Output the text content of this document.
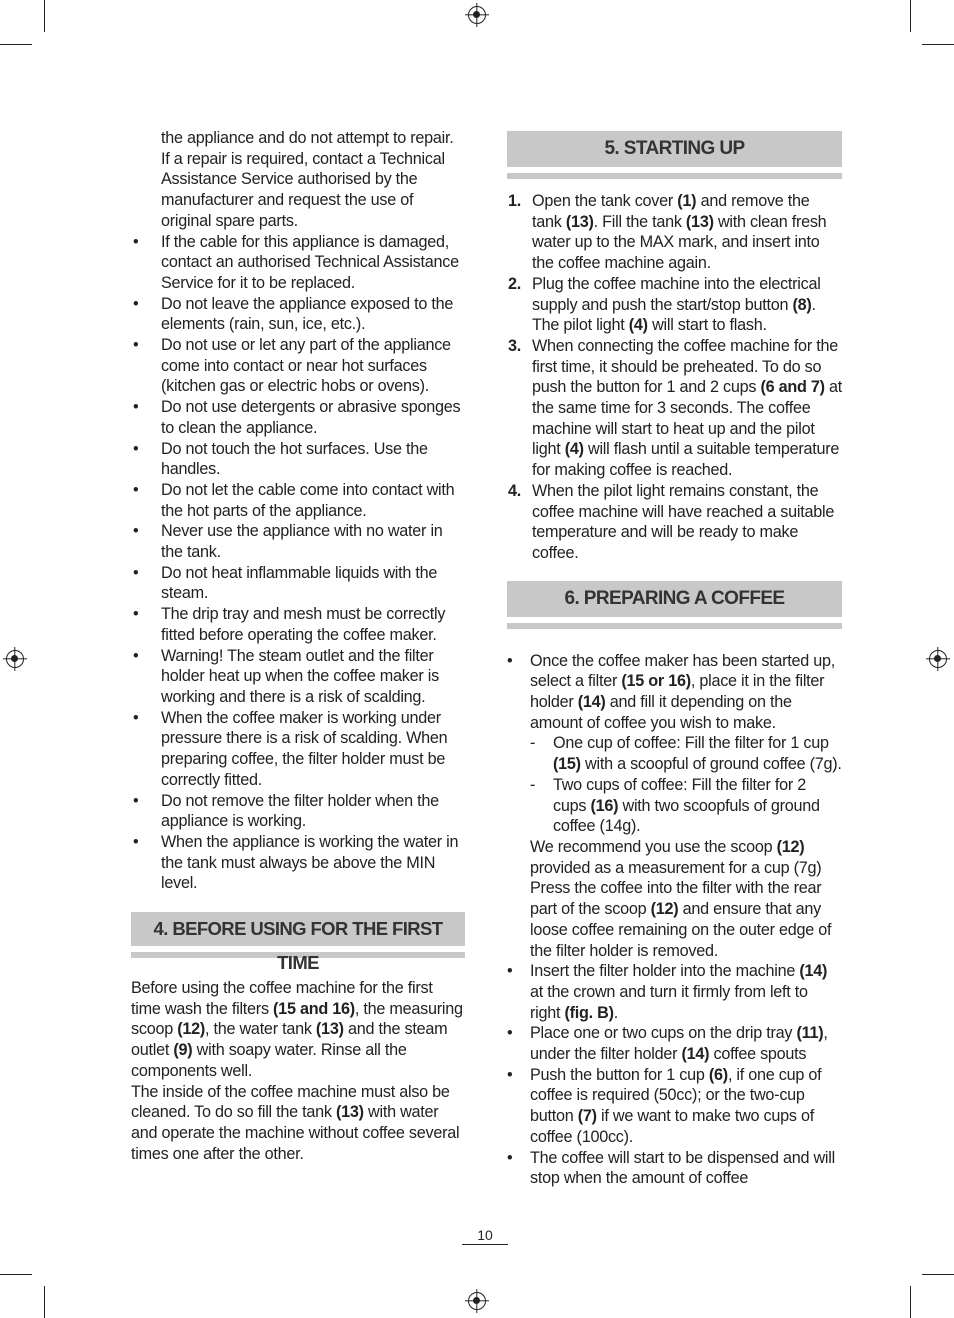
the appliance and do not attempt to repair. If a repair is required, contact a Technical Assistance Service authorised by the manufacturer and request the use of original spare parts.

• If the cable for this appliance is damaged, contact an authorised Technical Assistance Service for it to be replaced.
• Do not leave the appliance exposed to the elements (rain, sun, ice, etc.).
• Do not use or let any part of the appliance come into contact or near hot surfaces (kitchen gas or electric hobs or ovens).
• Do not use detergents or abrasive sponges to clean the appliance.
• Do not touch the hot surfaces. Use the handles.
• Do not let the cable come into contact with the hot parts of the appliance.
• Never use the appliance with no water in the tank.
• Do not heat inflammable liquids with the steam.
• The drip tray and mesh must be correctly fitted before operating the coffee maker.
• Warning! The steam outlet and the filter holder heat up when the coffee maker is working and there is a risk of scalding.
• When the coffee maker is working under pressure there is a risk of scalding. When preparing coffee, the filter holder must be correctly fitted.
• Do not remove the filter holder when the appliance is working.
• When the appliance is working the water in the tank must always be above the MIN level.
4. BEFORE USING FOR THE FIRST TIME

Before using the coffee machine for the first time wash the filters (15 and 16), the measuring scoop (12), the water tank (13) and the steam outlet (9) with soapy water. Rinse all the components well.

The inside of the coffee machine must also be cleaned. To do so fill the tank (13) with water and operate the machine without coffee several times one after the other.

5. STARTING UP
1. Open the tank cover (1) and remove the tank (13). Fill the tank (13) with clean fresh water up to the MAX mark, and insert into the coffee machine again.
2. Plug the coffee machine into the electrical supply and push the start/stop button (8). The pilot light (4) will start to flash.
3. When connecting the coffee machine for the first time, it should be preheated. To do so push the button for 1 and 2 cups (6 and 7) at the same time for 3 seconds. The coffee machine will start to heat up and the pilot light (4) will flash until a suitable temperature for making coffee is reached.
4. When the pilot light remains constant, the coffee machine will have reached a suitable temperature and will be ready to make coffee.
6. PREPARING A COFFEE
• Once the coffee maker has been started up, select a filter (15 or 16), place it in the filter holder (14) and fill it depending on the amount of coffee you wish to make.
- One cup of coffee: Fill the filter for 1 cup (15) with a scoopful of ground coffee (7g).
- Two cups of coffee: Fill the filter for 2 cups (16) with two scoopfuls of ground coffee (14g).

We recommend you use the scoop (12) provided as a measurement for a cup (7g) Press the coffee into the filter with the rear part of the scoop (12) and ensure that any loose coffee remaining on the outer edge of the filter holder is removed.

• Insert the filter holder into the machine (14) at the crown and turn it firmly from left to right (fig. B).
• Place one or two cups on the drip tray (11), under the filter holder (14) coffee spouts
• Push the button for 1 cup (6), if one cup of coffee is required (50cc); or the two-cup button (7) if we want to make two cups of coffee (100cc).
• The coffee will start to be dispensed and will stop when the amount of coffee
10
